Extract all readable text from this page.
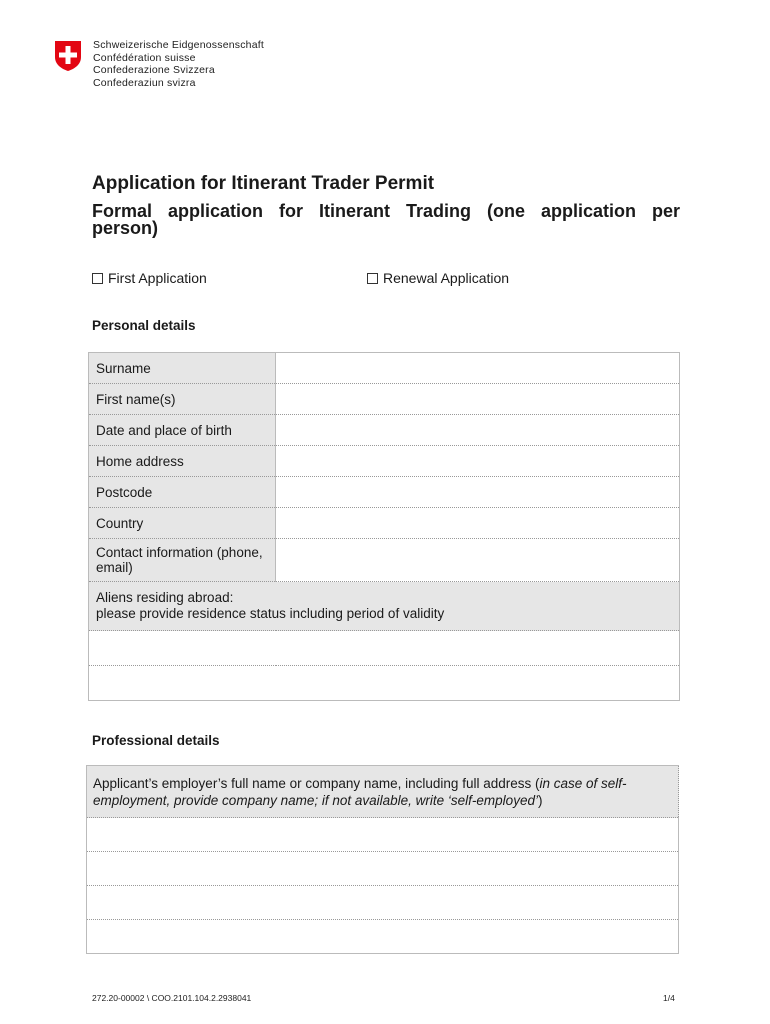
Schweizerische Eidgenossenschaft
Confédération suisse
Confederazione Svizzera
Confederaziun svizra
Application for Itinerant Trader Permit

Formal application for Itinerant Trading (one application per person)

First Application	Renewal Application
Personal details
Surname	
First name(s)	
Date and place of birth	
Home address	
Postcode	
Country	
Contact information (phone, email)	

Aliens residing abroad:
please provide residence status including period of validity	

Professional details
Applicant’s employer’s full name or company name, including full address (in case of self-employment, provide company name; if not available, write ‘self-employed’)

272.20-00002 \ COO.2101.104.2.2938041	1/4
